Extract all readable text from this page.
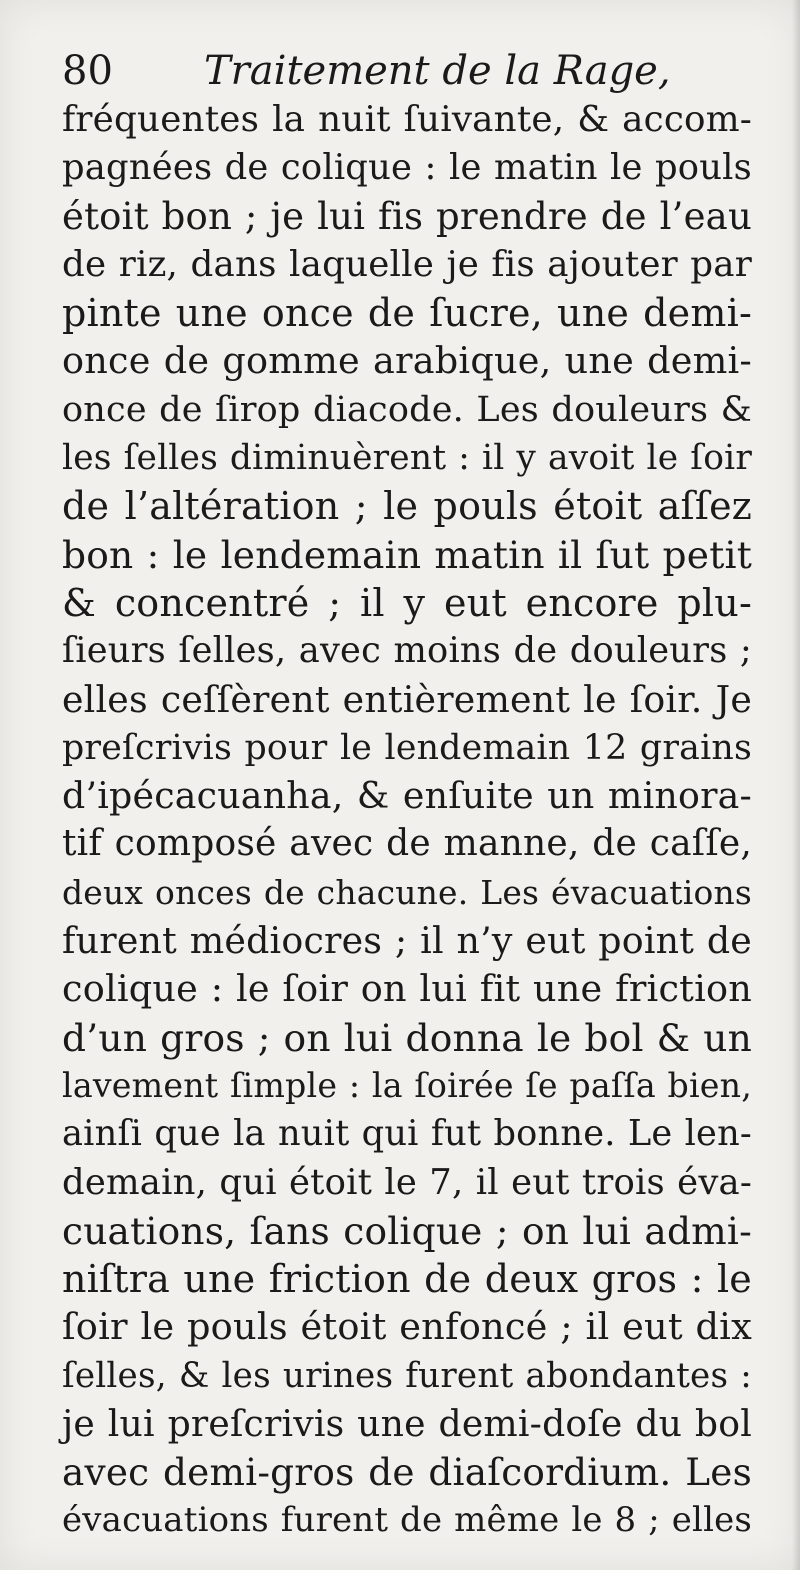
80 Traitement de la Rage,
fréquentes la nuit ſuivante, & accom-
pagnées de colique : le matin le pouls
étoit bon ; je lui fis prendre de l’eau
de riz, dans laquelle je fis ajouter par
pinte une once de ſucre, une demi-
once de gomme arabique, une demi-
once de ſirop diacode. Les douleurs &
les ſelles diminuèrent : il y avoit le ſoir
de l’altération ; le pouls étoit aſſez
bon : le lendemain matin il ſut petit
& concentré ; il y eut encore plu-
ſieurs ſelles, avec moins de douleurs ;
elles ceſſèrent entièrement le ſoir. Je
preſcrivis pour le lendemain 12 grains
d’ipécacuanha, & enſuite un minora-
tif composé avec de manne, de caſſe,
deux onces de chacune. Les évacuations
furent médiocres ; il n’y eut point de
colique : le ſoir on lui fit une friction
d’un gros ; on lui donna le bol & un
lavement ſimple : la ſoirée ſe paſſa bien,
ainſi que la nuit qui fut bonne. Le len-
demain, qui étoit le 7, il eut trois éva-
cuations, ſans colique ; on lui admi-
niſtra une friction de deux gros : le
ſoir le pouls étoit enfoncé ; il eut dix
ſelles, & les urines furent abondantes :
je lui preſcrivis une demi-doſe du bol
avec demi-gros de diaſcordium. Les
évacuations furent de même le 8 ; elles
